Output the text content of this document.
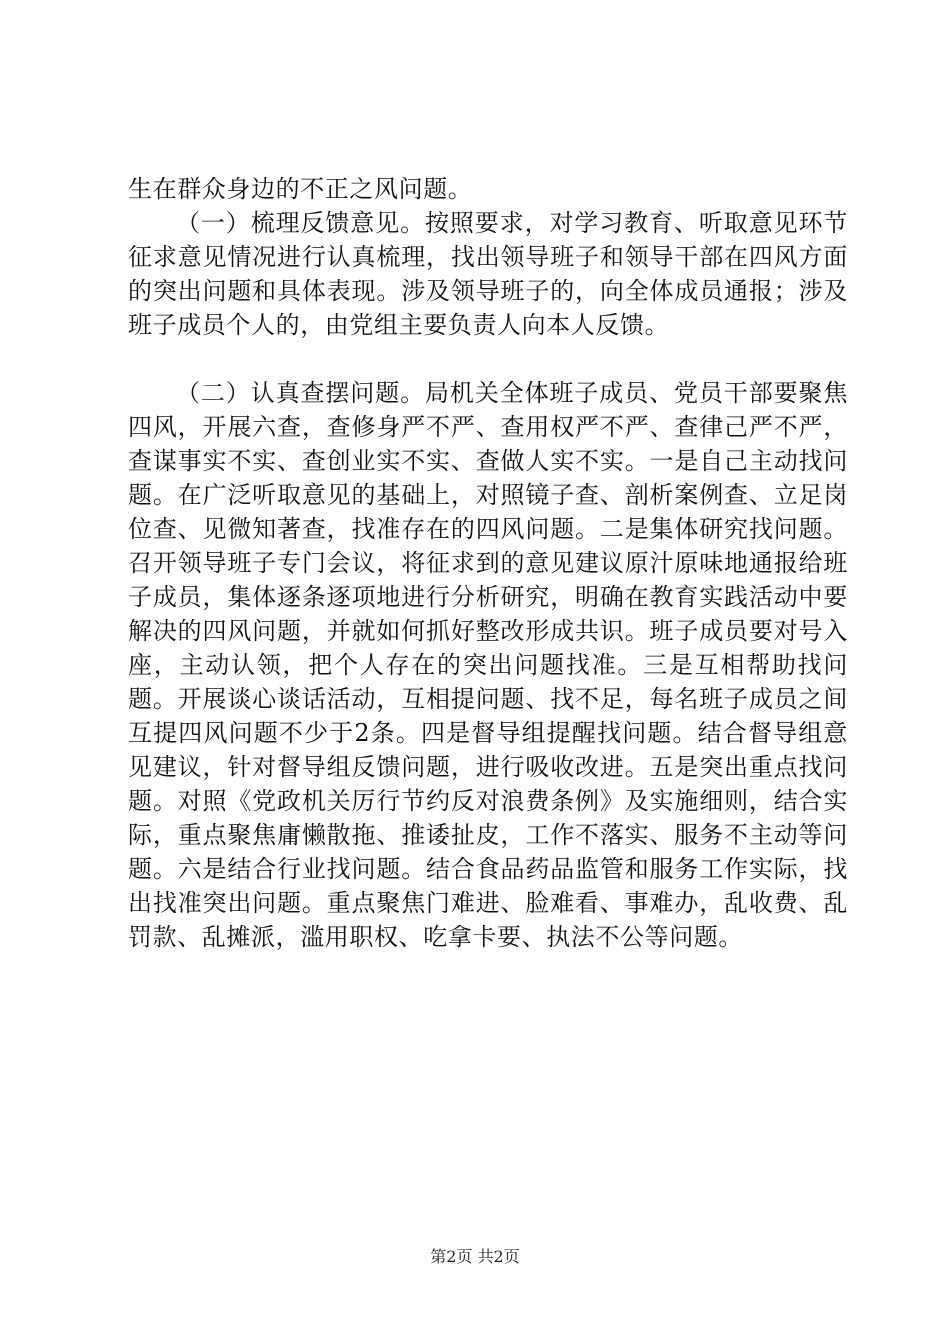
生在群众身边的不正之风问题。

（一）梳理反馈意见。按照要求，对学习教育、听取意见环节征求意见情况进行认真梳理，找出领导班子和领导干部在四风方面的突出问题和具体表现。涉及领导班子的，向全体成员通报；涉及班子成员个人的，由党组主要负责人向本人反馈。

（二）认真查摆问题。局机关全体班子成员、党员干部要聚焦四风，开展六查，查修身严不严、查用权严不严、查律己严不严，查谋事实不实、查创业实不实、查做人实不实。一是自己主动找问题。在广泛听取意见的基础上，对照镜子查、剖析案例查、立足岗位查、见微知著查，找准存在的四风问题。二是集体研究找问题。召开领导班子专门会议，将征求到的意见建议原汁原味地通报给班子成员，集体逐条逐项地进行分析研究，明确在教育实践活动中要解决的四风问题，并就如何抓好整改形成共识。班子成员要对号入座，主动认领，把个人存在的突出问题找准。三是互相帮助找问题。开展谈心谈话活动，互相提问题、找不足，每名班子成员之间互提四风问题不少于2条。四是督导组提醒找问题。结合督导组意见建议，针对督导组反馈问题，进行吸收改进。五是突出重点找问题。对照《党政机关厉行节约反对浪费条例》及实施细则，结合实际，重点聚焦庸懒散拖、推诿扯皮，工作不落实、服务不主动等问题。六是结合行业找问题。结合食品药品监管和服务工作实际，找出找准突出问题。重点聚焦门难进、脸难看、事难办，乱收费、乱罚款、乱摊派，滥用职权、吃拿卡要、执法不公等问题。

第2页 共2页
